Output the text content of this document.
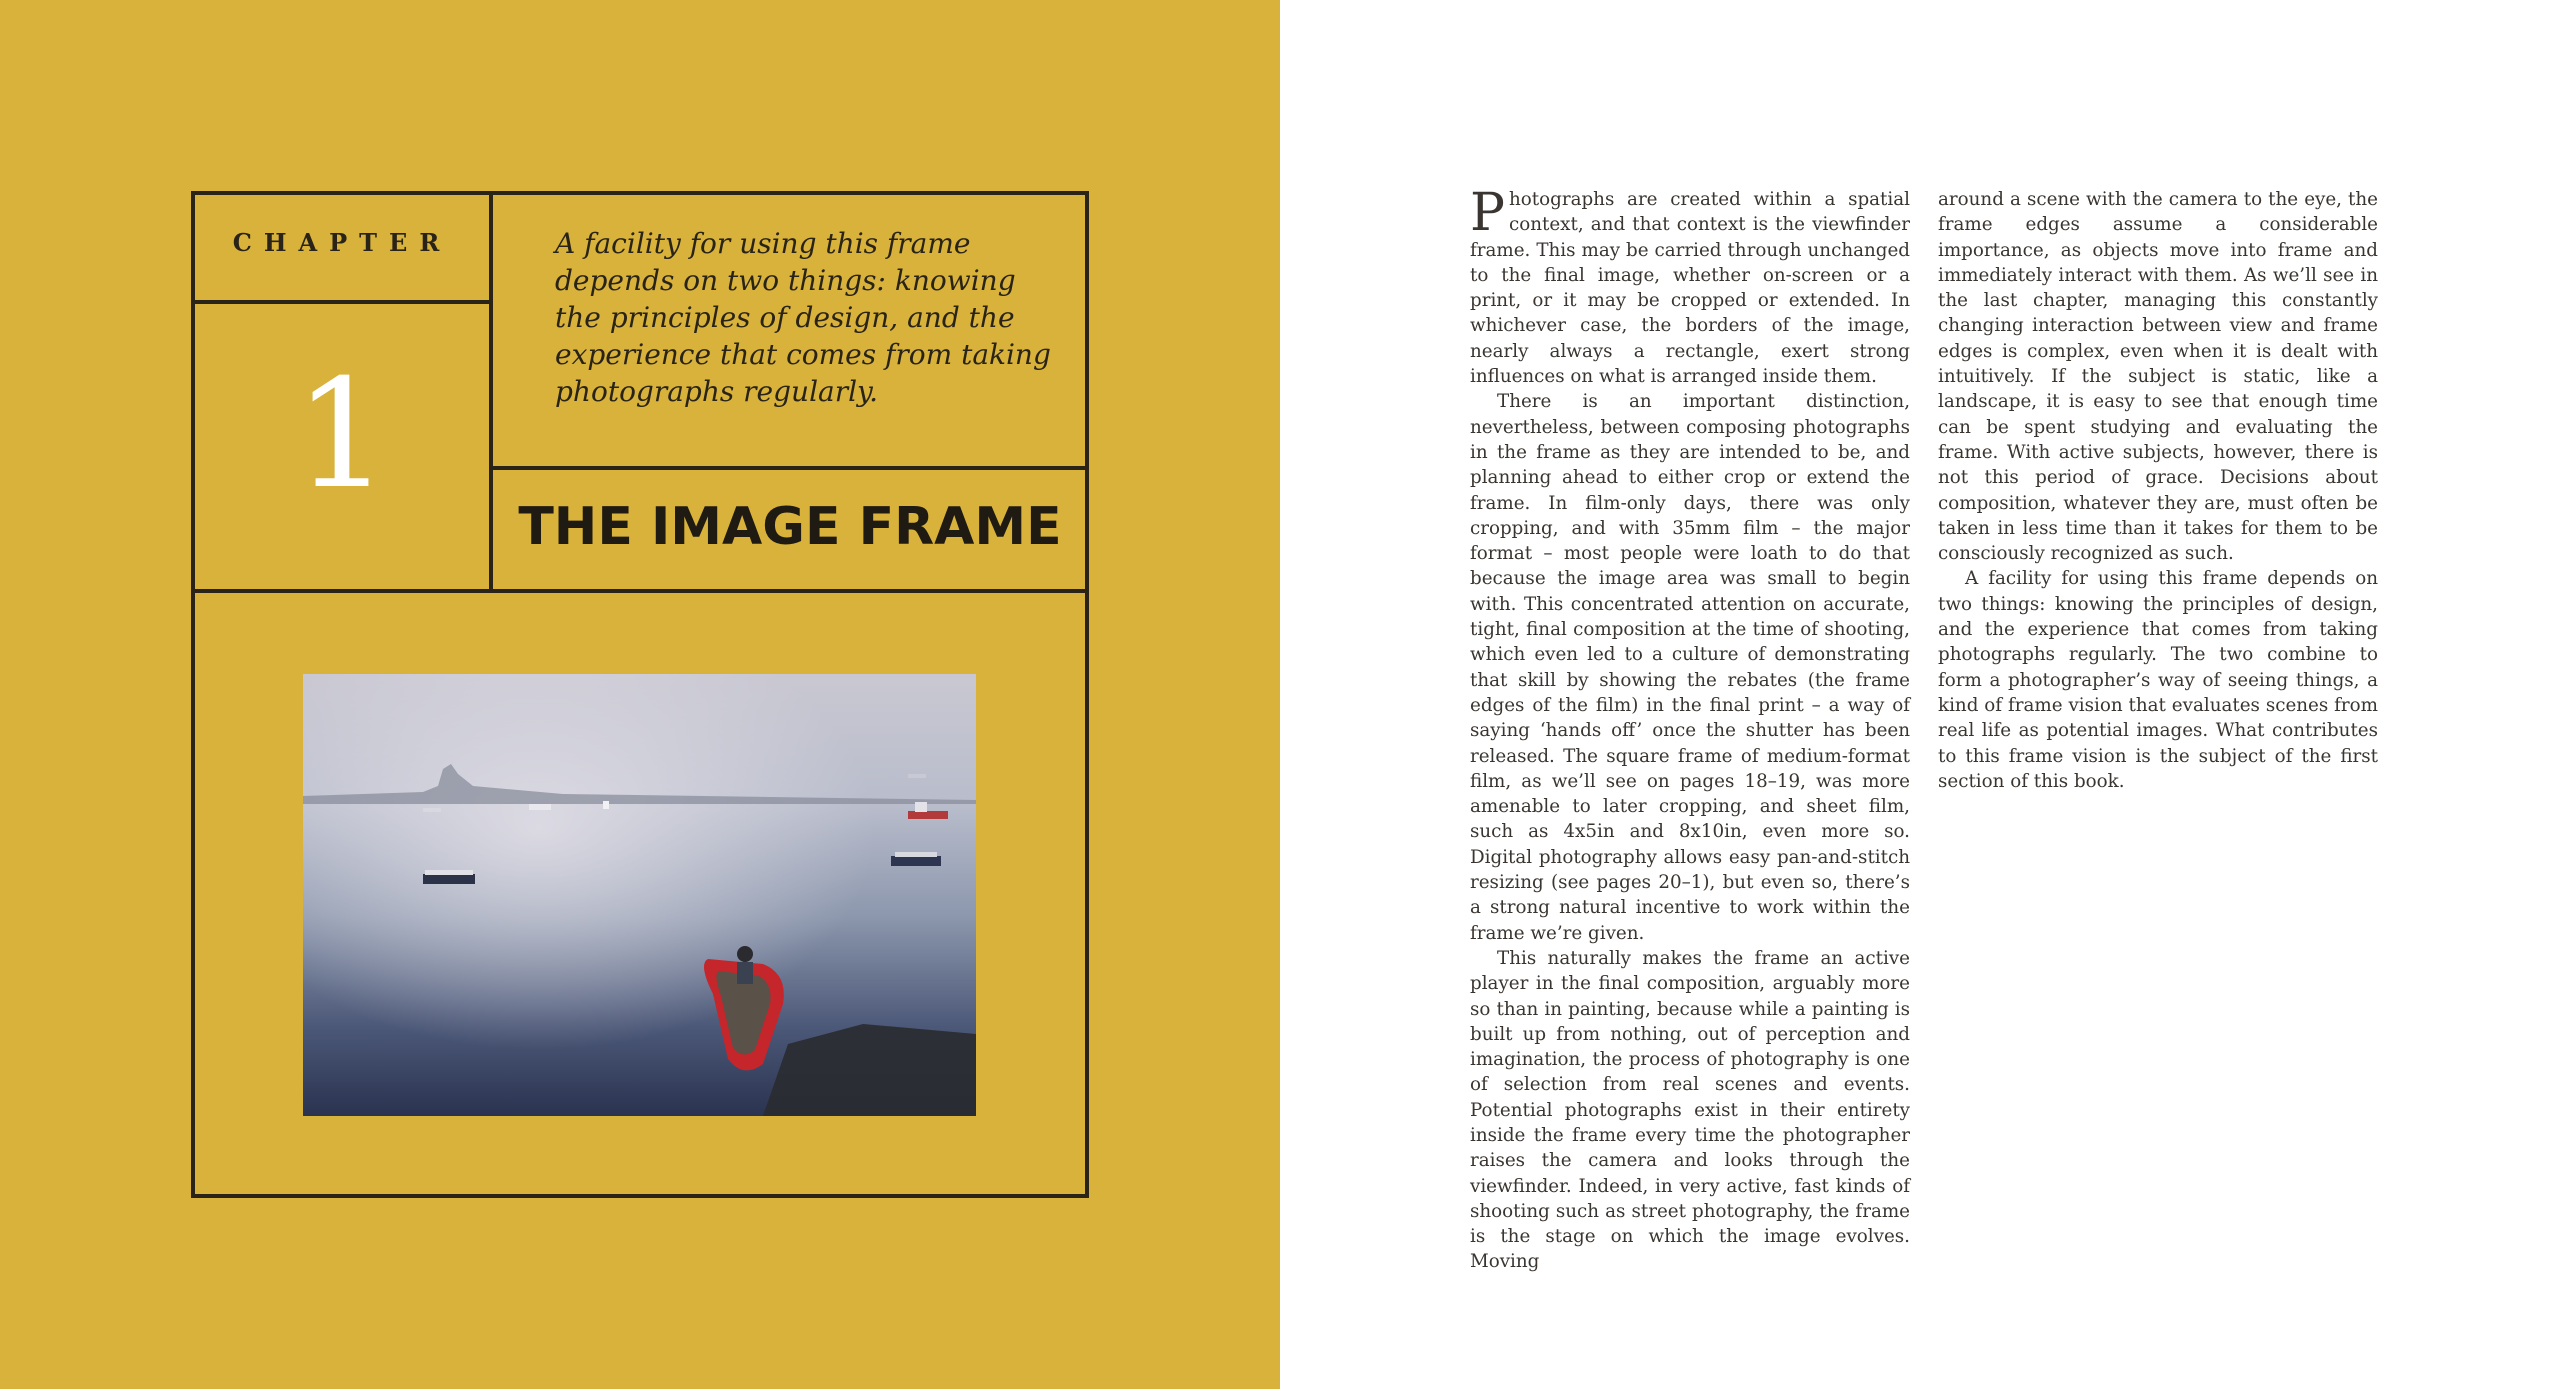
CHAPTER
1
A facility for using this frame depends on two things: knowing the principles of design, and the experience that comes from taking photographs regularly.
THE IMAGE FRAME

Photographs are created within a spatial context, and that context is the viewfinder frame. This may be carried through unchanged to the final image, whether on-screen or a print, or it may be cropped or extended. In whichever case, the borders of the image, nearly always a rectangle, exert strong influences on what is arranged inside them.

There is an important distinction, nevertheless, between composing photographs in the frame as they are intended to be, and planning ahead to either crop or extend the frame. In film-only days, there was only cropping, and with 35mm film – the major format – most people were loath to do that because the image area was small to begin with. This concentrated attention on accurate, tight, final composition at the time of shooting, which even led to a culture of demonstrating that skill by showing the rebates (the frame edges of the film) in the final print – a way of saying ‘hands off’ once the shutter has been released. The square frame of medium-format film, as we’ll see on pages 18–19, was more amenable to later cropping, and sheet film, such as 4x5in and 8x10in, even more so. Digital photography allows easy pan-and-stitch resizing (see pages 20–1), but even so, there’s a strong natural incentive to work within the frame we’re given.

This naturally makes the frame an active player in the final composition, arguably more so than in painting, because while a painting is built up from nothing, out of perception and imagination, the process of photography is one of selection from real scenes and events. Potential photographs exist in their entirety inside the frame every time the photographer raises the camera and looks through the viewfinder. Indeed, in very active, fast kinds of shooting such as street photography, the frame is the stage on which the image evolves. Moving

around a scene with the camera to the eye, the frame edges assume a considerable importance, as objects move into frame and immediately interact with them. As we’ll see in the last chapter, managing this constantly changing interaction between view and frame edges is complex, even when it is dealt with intuitively. If the subject is static, like a landscape, it is easy to see that enough time can be spent studying and evaluating the frame. With active subjects, however, there is not this period of grace. Decisions about composition, whatever they are, must often be taken in less time than it takes for them to be consciously recognized as such.

A facility for using this frame depends on two things: knowing the principles of design, and the experience that comes from taking photographs regularly. The two combine to form a photographer’s way of seeing things, a kind of frame vision that evaluates scenes from real life as potential images. What contributes to this frame vision is the subject of the first section of this book.
